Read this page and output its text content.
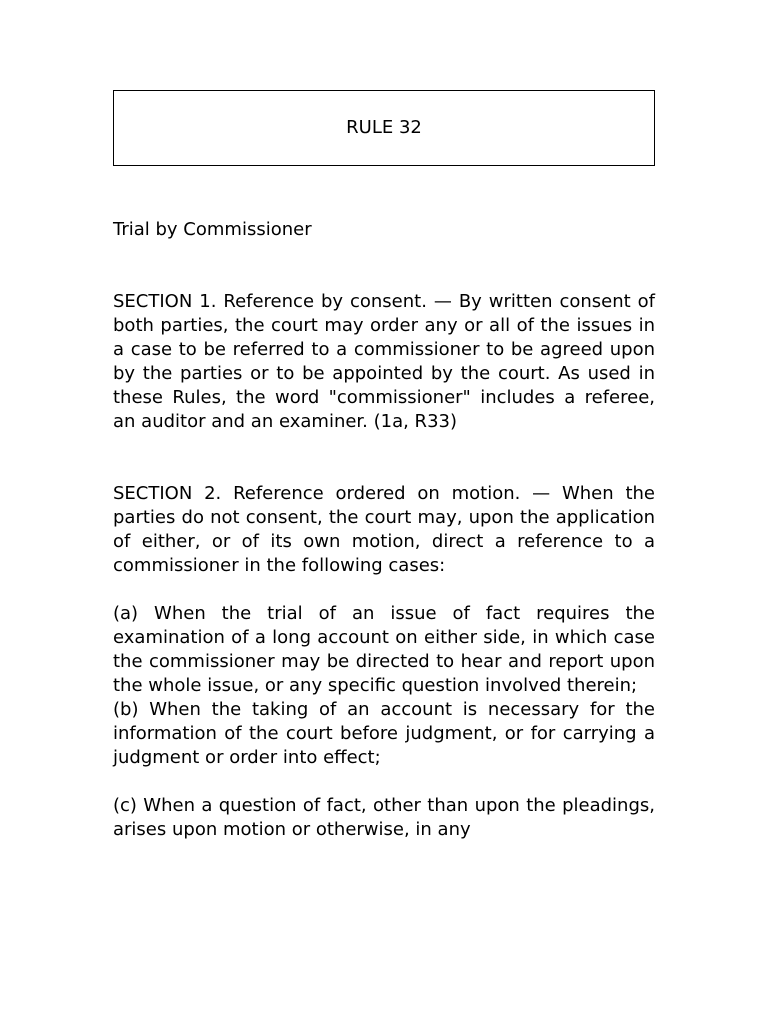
RULE 32

Trial by Commissioner

SECTION 1. Reference by consent. — By written consent of both parties, the court may order any or all of the issues in a case to be referred to a commissioner to be agreed upon by the parties or to be appointed by the court. As used in these Rules, the word "commissioner" includes a referee, an auditor and an examiner. (1a, R33)

SECTION 2. Reference ordered on motion. — When the parties do not consent, the court may, upon the application of either, or of its own motion, direct a reference to a commissioner in the following cases:

(a) When the trial of an issue of fact requires the examination of a long account on either side, in which case the commissioner may be directed to hear and report upon the whole issue, or any specific question involved therein;

(b) When the taking of an account is necessary for the information of the court before judgment, or for carrying a judgment or order into effect;

(c) When a question of fact, other than upon the pleadings, arises upon motion or otherwise, in any
